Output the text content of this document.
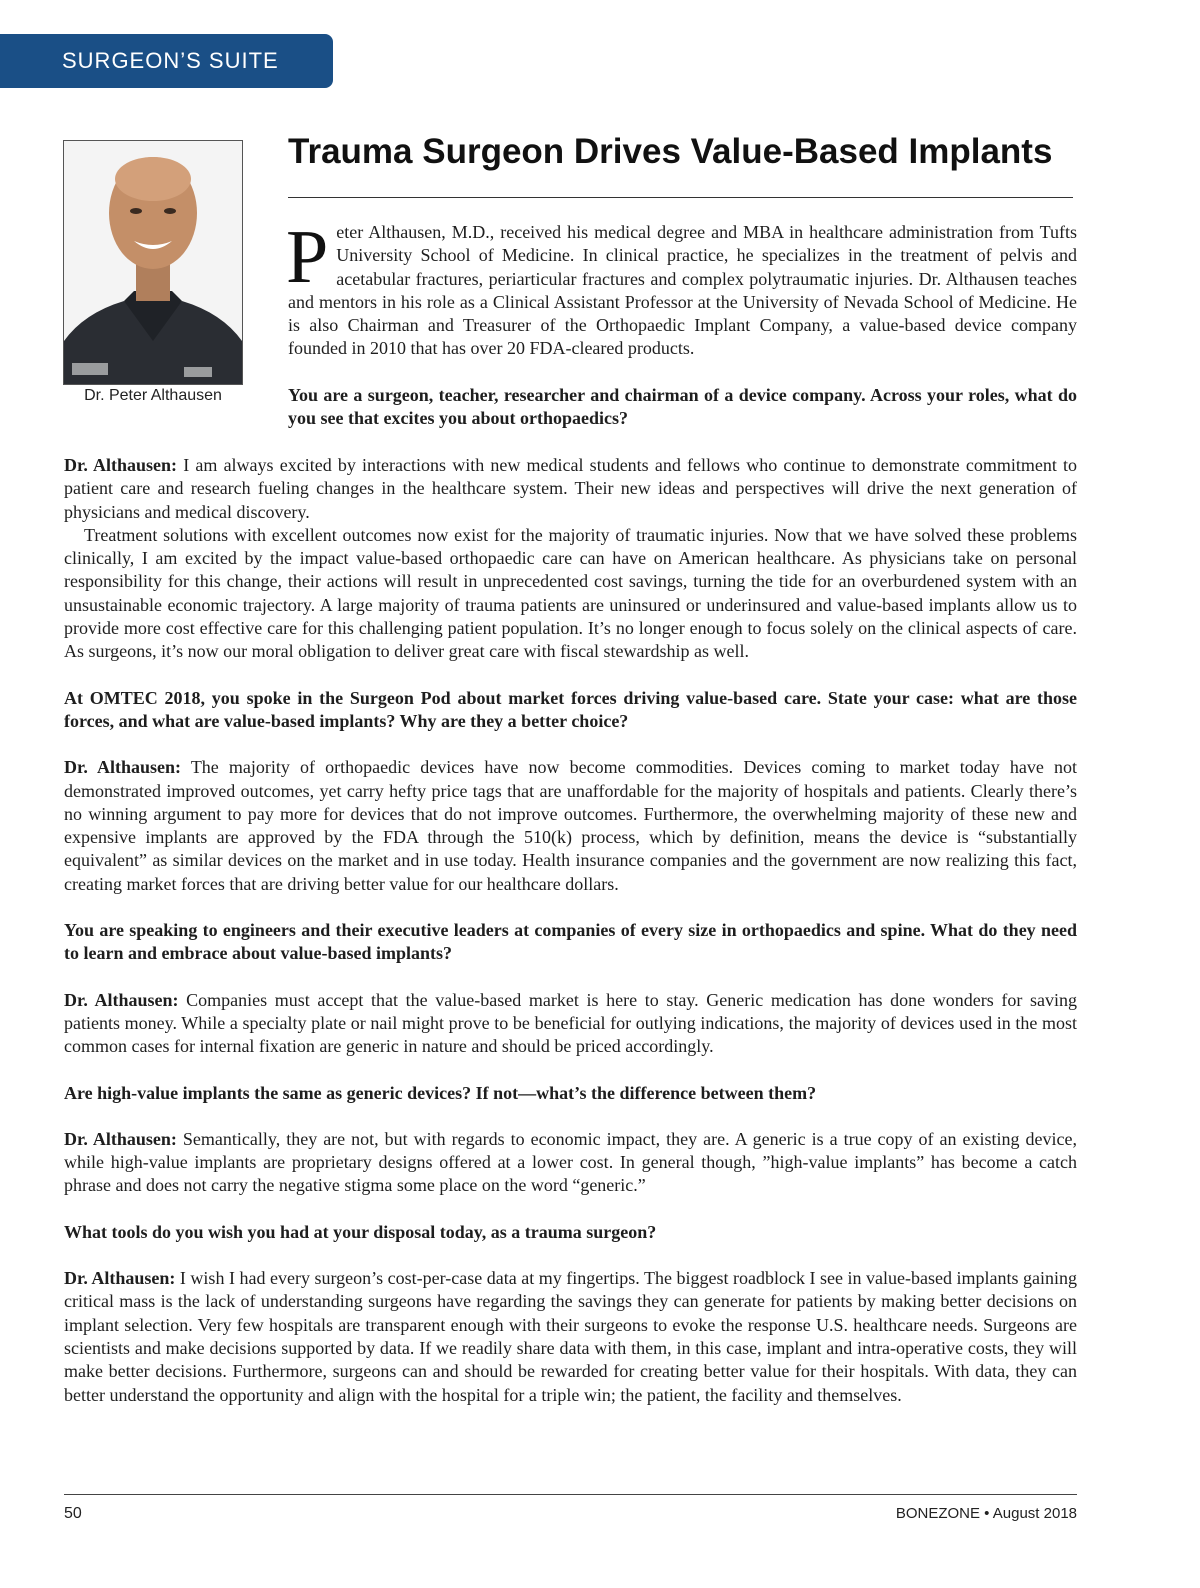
SURGEON’S SUITE
Dr. Peter Althausen
Trauma Surgeon Drives Value-Based Implants

Peter Althausen, M.D., received his medical degree and MBA in healthcare administration from Tufts University School of Medicine. In clinical practice, he specializes in the treatment of pelvis and acetabular fractures, periarticular fractures and complex polytraumatic injuries. Dr. Althausen teaches and mentors in his role as a Clinical Assistant Professor at the University of Nevada School of Medicine. He is also Chairman and Treasurer of the Orthopaedic Implant Company, a value-based device company founded in 2010 that has over 20 FDA-cleared products.

You are a surgeon, teacher, researcher and chairman of a device company. Across your roles, what do you see that excites you about orthopaedics?

Dr. Althausen: I am always excited by interactions with new medical students and fellows who continue to demonstrate commitment to patient care and research fueling changes in the healthcare system. Their new ideas and perspectives will drive the next generation of physicians and medical discovery.

Treatment solutions with excellent outcomes now exist for the majority of traumatic injuries. Now that we have solved these problems clinically, I am excited by the impact value-based orthopaedic care can have on American healthcare. As physicians take on personal responsibility for this change, their actions will result in unprecedented cost savings, turning the tide for an overburdened system with an unsustainable economic trajectory. A large majority of trauma patients are uninsured or underinsured and value-based implants allow us to provide more cost effective care for this challenging patient population. It’s no longer enough to focus solely on the clinical aspects of care. As surgeons, it’s now our moral obligation to deliver great care with fiscal stewardship as well.

At OMTEC 2018, you spoke in the Surgeon Pod about market forces driving value-based care. State your case: what are those forces, and what are value-based implants? Why are they a better choice?

Dr. Althausen: The majority of orthopaedic devices have now become commodities. Devices coming to market today have not demonstrated improved outcomes, yet carry hefty price tags that are unaffordable for the majority of hospitals and patients. Clearly there’s no winning argument to pay more for devices that do not improve outcomes. Furthermore, the overwhelming majority of these new and expensive implants are approved by the FDA through the 510(k) process, which by definition, means the device is “substantially equivalent” as similar devices on the market and in use today. Health insurance companies and the government are now realizing this fact, creating market forces that are driving better value for our healthcare dollars.

You are speaking to engineers and their executive leaders at companies of every size in orthopaedics and spine. What do they need to learn and embrace about value-based implants?

Dr. Althausen: Companies must accept that the value-based market is here to stay. Generic medication has done wonders for saving patients money. While a specialty plate or nail might prove to be beneficial for outlying indications, the majority of devices used in the most common cases for internal fixation are generic in nature and should be priced accordingly.

Are high-value implants the same as generic devices? If not—what’s the difference between them?

Dr. Althausen: Semantically, they are not, but with regards to economic impact, they are. A generic is a true copy of an existing device, while high-value implants are proprietary designs offered at a lower cost. In general though, ”high-value implants” has become a catch phrase and does not carry the negative stigma some place on the word “generic.”

What tools do you wish you had at your disposal today, as a trauma surgeon?

Dr. Althausen: I wish I had every surgeon’s cost-per-case data at my fingertips. The biggest roadblock I see in value-based implants gaining critical mass is the lack of understanding surgeons have regarding the savings they can generate for patients by making better decisions on implant selection. Very few hospitals are transparent enough with their surgeons to evoke the response U.S. healthcare needs. Surgeons are scientists and make decisions supported by data. If we readily share data with them, in this case, implant and intra-operative costs, they will make better decisions. Furthermore, surgeons can and should be rewarded for creating better value for their hospitals. With data, they can better understand the opportunity and align with the hospital for a triple win; the patient, the facility and themselves.

50	BONEZONE • August 2018
